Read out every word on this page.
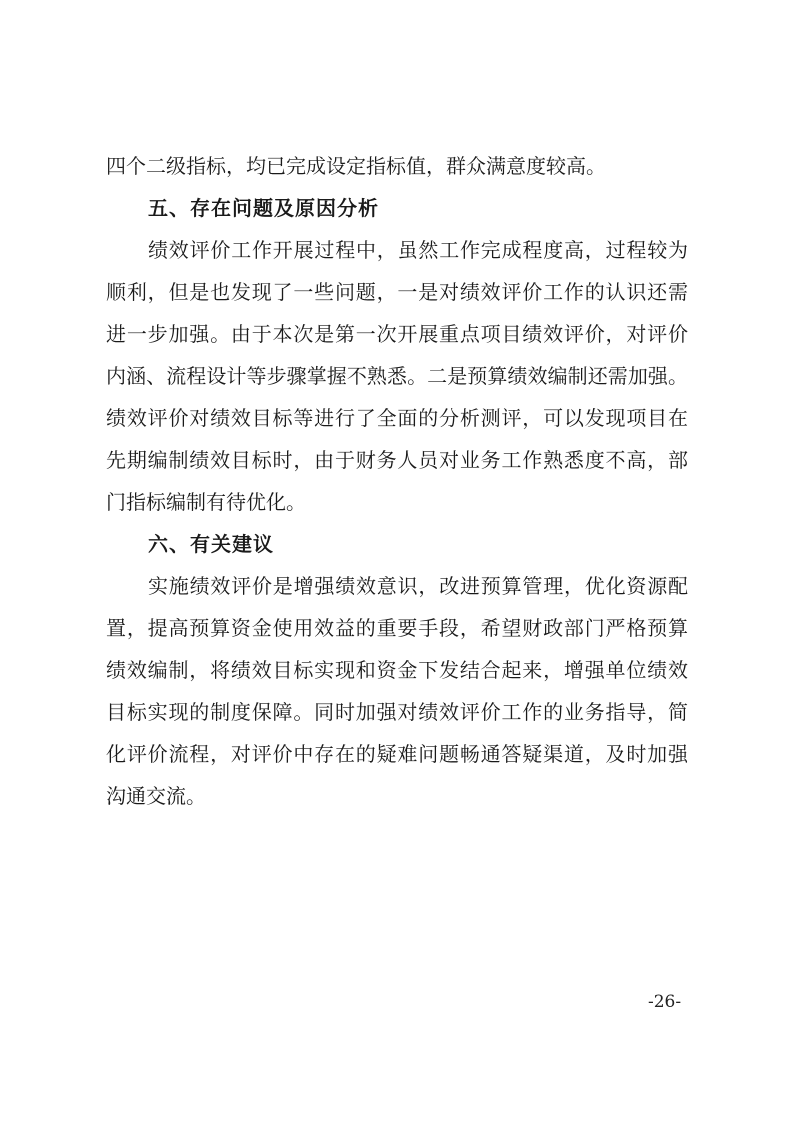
四个二级指标，均已完成设定指标值，群众满意度较高。
五、存在问题及原因分析
绩效评价工作开展过程中，虽然工作完成程度高，过程较为
顺利，但是也发现了一些问题，一是对绩效评价工作的认识还需
进一步加强。由于本次是第一次开展重点项目绩效评价，对评价
内涵、流程设计等步骤掌握不熟悉。二是预算绩效编制还需加强。
绩效评价对绩效目标等进行了全面的分析测评，可以发现项目在
先期编制绩效目标时，由于财务人员对业务工作熟悉度不高，部
门指标编制有待优化。
六、有关建议
实施绩效评价是增强绩效意识，改进预算管理，优化资源配
置，提高预算资金使用效益的重要手段，希望财政部门严格预算
绩效编制，将绩效目标实现和资金下发结合起来，增强单位绩效
目标实现的制度保障。同时加强对绩效评价工作的业务指导，简
化评价流程，对评价中存在的疑难问题畅通答疑渠道，及时加强
沟通交流。
-26-
